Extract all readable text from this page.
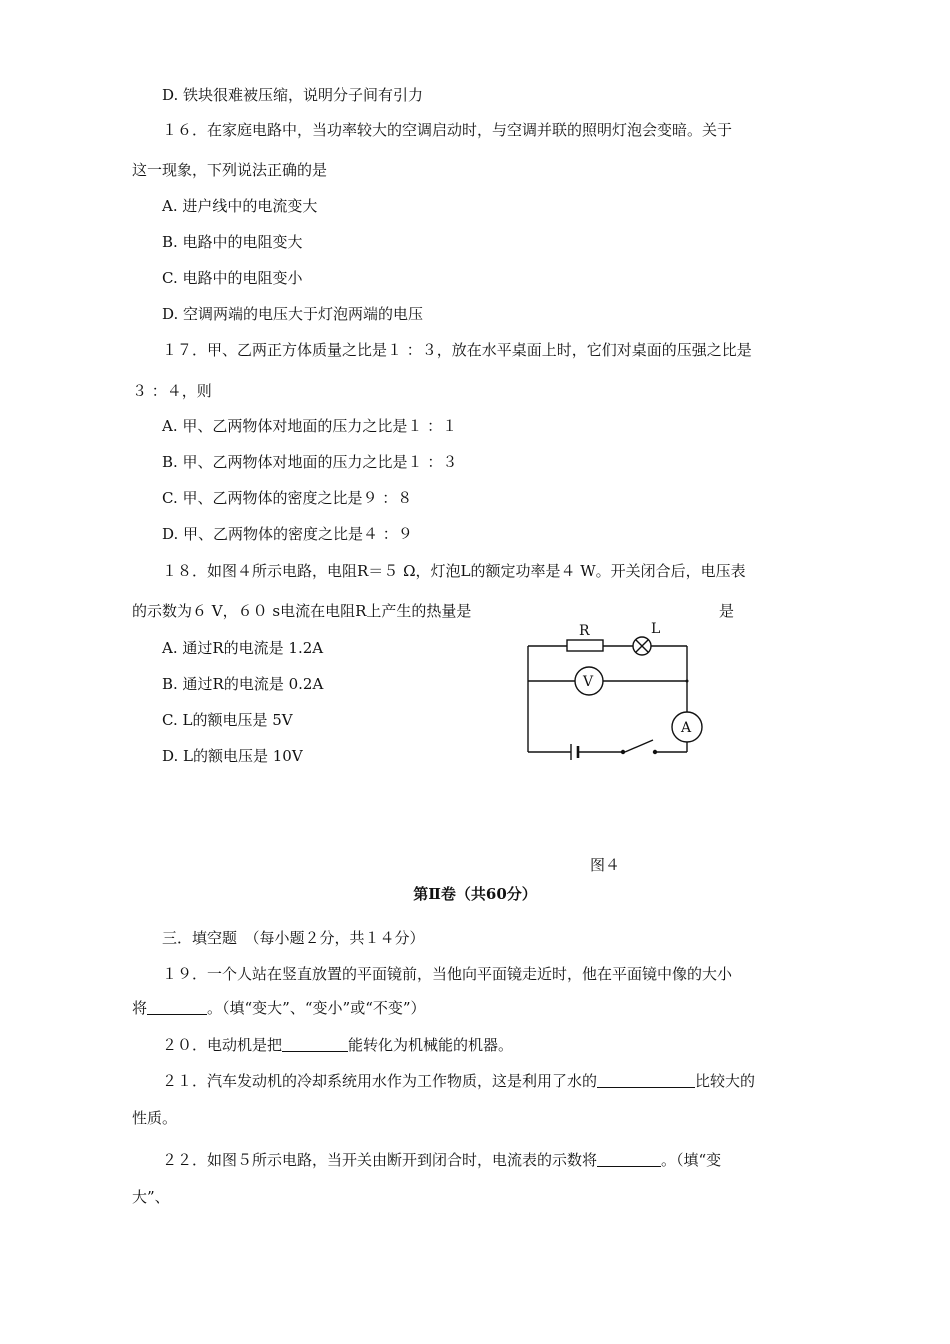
D. 铁块很难被压缩，说明分子间有引力
１６．在家庭电路中，当功率较大的空调启动时，与空调并联的照明灯泡会变暗。关于
这一现象，下列说法正确的是
A. 进户线中的电流变大
B. 电路中的电阻变大
C. 电路中的电阻变小
D. 空调两端的电压大于灯泡两端的电压
１７．甲、乙两正方体质量之比是１ ：３，放在水平桌面上时，它们对桌面的压强之比是
３ ：４，则
A. 甲、乙两物体对地面的压力之比是１ ：１
B. 甲、乙两物体对地面的压力之比是１ ：３
C. 甲、乙两物体的密度之比是９ ：８
D. 甲、乙两物体的密度之比是４ ：９
１８．如图４所示电路，电阻R＝５ Ω，灯泡L的额定功率是４ W。开关闭合后，电压表
的示数为６ V，６０ s电流在电阻R上产生的热量是	是
A. 通过R的电流是 1.2A
B. 通过R的电流是 0.2A
C. L的额电压是 5V
D. L的额电压是 10V
R	L
V
A
图４
第Ⅱ卷（共60分）
三．填空题　（每小题２分，共１４分）
１９．一个人站在竖直放置的平面镜前，当他向平面镜走近时，他在平面镜中像的大小
将	。（填“变大”、“变小”或“不变”）
２０．电动机是把	能转化为机械能的机器。
２１．汽车发动机的冷却系统用水作为工作物质，这是利用了水的	比较大的
性质。
２２．如图５所示电路，当开关由断开到闭合时，电流表的示数将	。（填“变
大”、
